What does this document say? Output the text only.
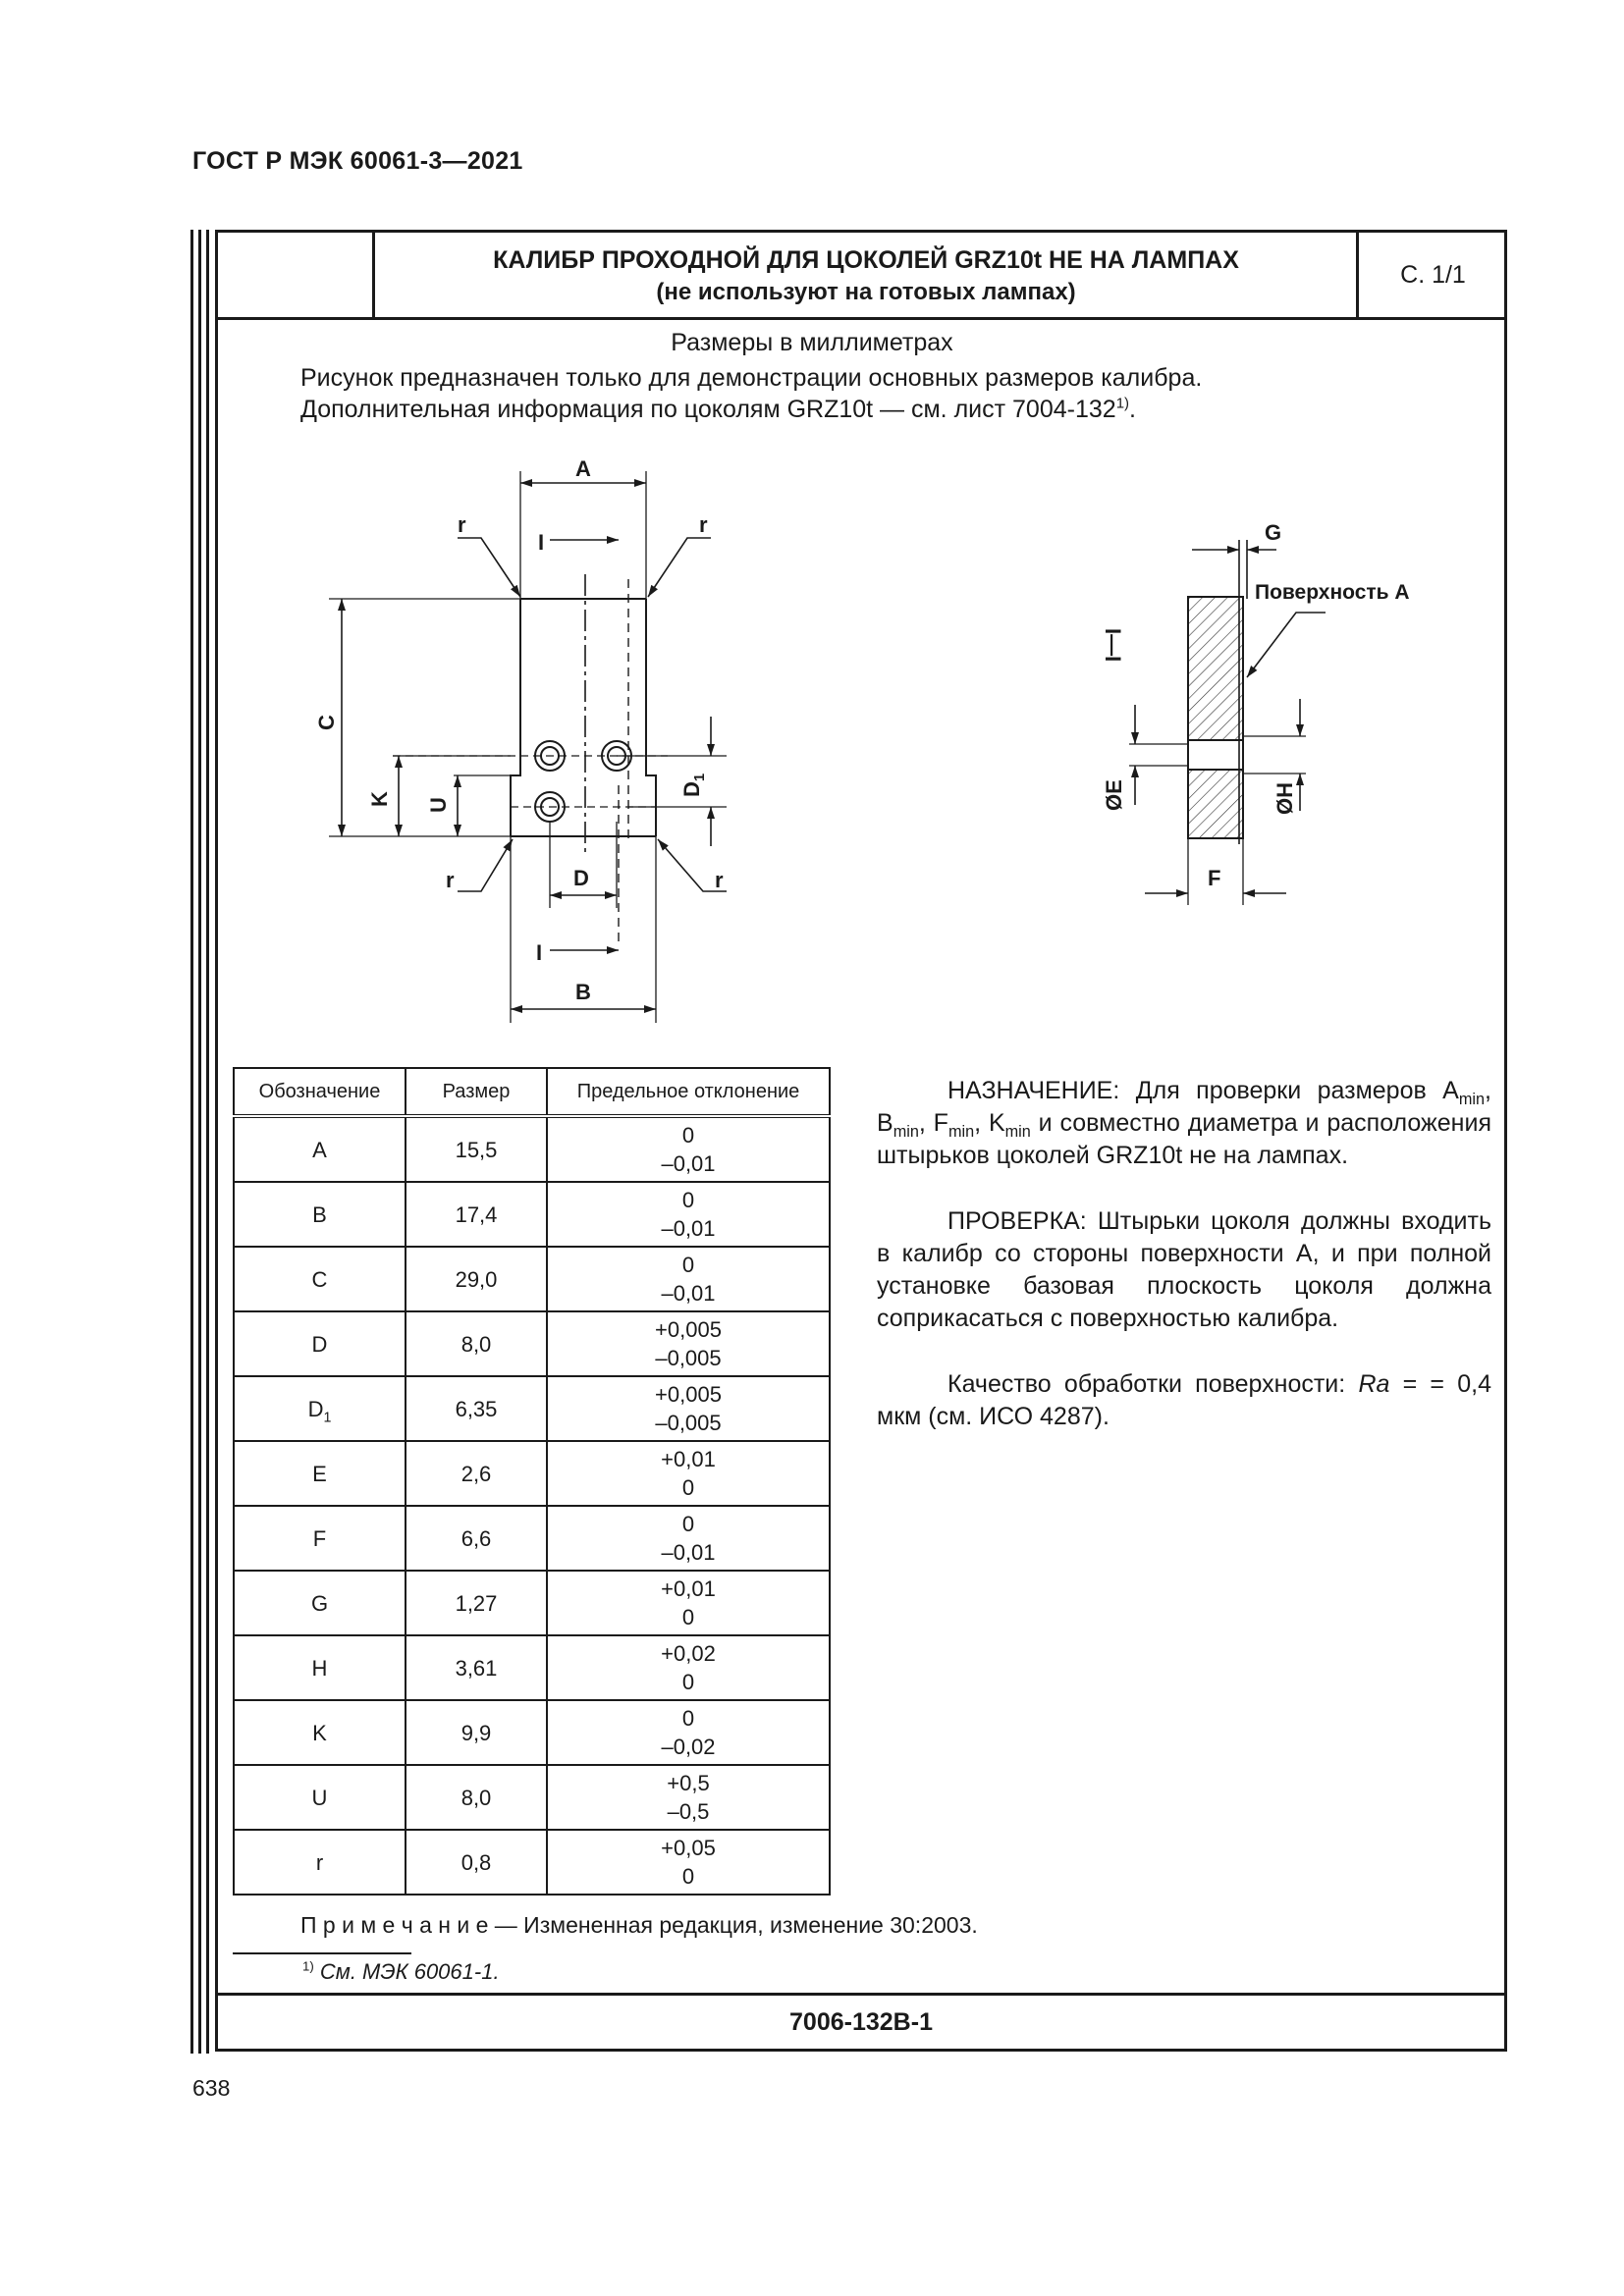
ГОСТ Р МЭК 60061-3—2021
КАЛИБР ПРОХОДНОЙ ДЛЯ ЦОКОЛЕЙ GRZ10t НЕ НА ЛАМПАХ
(не используют на готовых лампах)
С. 1/1
7006-132B-1
Размеры в миллиметрах
Рисунок предназначен только для демонстрации основных размеров калибра.
Дополнительная информация по цоколям GRZ10t — см. лист 7004-132$^{1)}$.
A
r	r
I
C
K U
$D_1$
D
r	r
I
B
G
Поверхность А
I—I
ØE	ØH
F
Обозначение	Размер	Предельное отклонение
A	15,5	0
–0,01

B	17,4	0
–0,01

C	29,0	0
–0,01

D	8,0	+0,005
–0,005

$D_1$	6,35	+0,005
–0,005

E	2,6	+0,01
0

F	6,6	0
–0,01

G	1,27	+0,01
0

H	3,61	+0,02
0

K	9,9	0
–0,02

U	8,0	+0,5
–0,5

r	0,8	+0,05
0

НАЗНАЧЕНИЕ: Для проверки размеров $A_{min}$, $B_{min}$, $F_{min}$, $K_{min}$ и совместно диаметра и расположения штырьков цоколей GRZ10t не на лампах.

ПРОВЕРКА: Штырьки цоколя должны входить в калибр со стороны поверхности A, и при полной установке базовая плоскость цоколя должна соприкасаться с поверхностью калибра.

Качество обработки поверхности: Ra = = 0,4 мкм (см. ИСО 4287).

П р и м е ч а н и е — Измененная редакция, изменение 30:2003.
$^{1)}$ См. МЭК 60061-1.
638
